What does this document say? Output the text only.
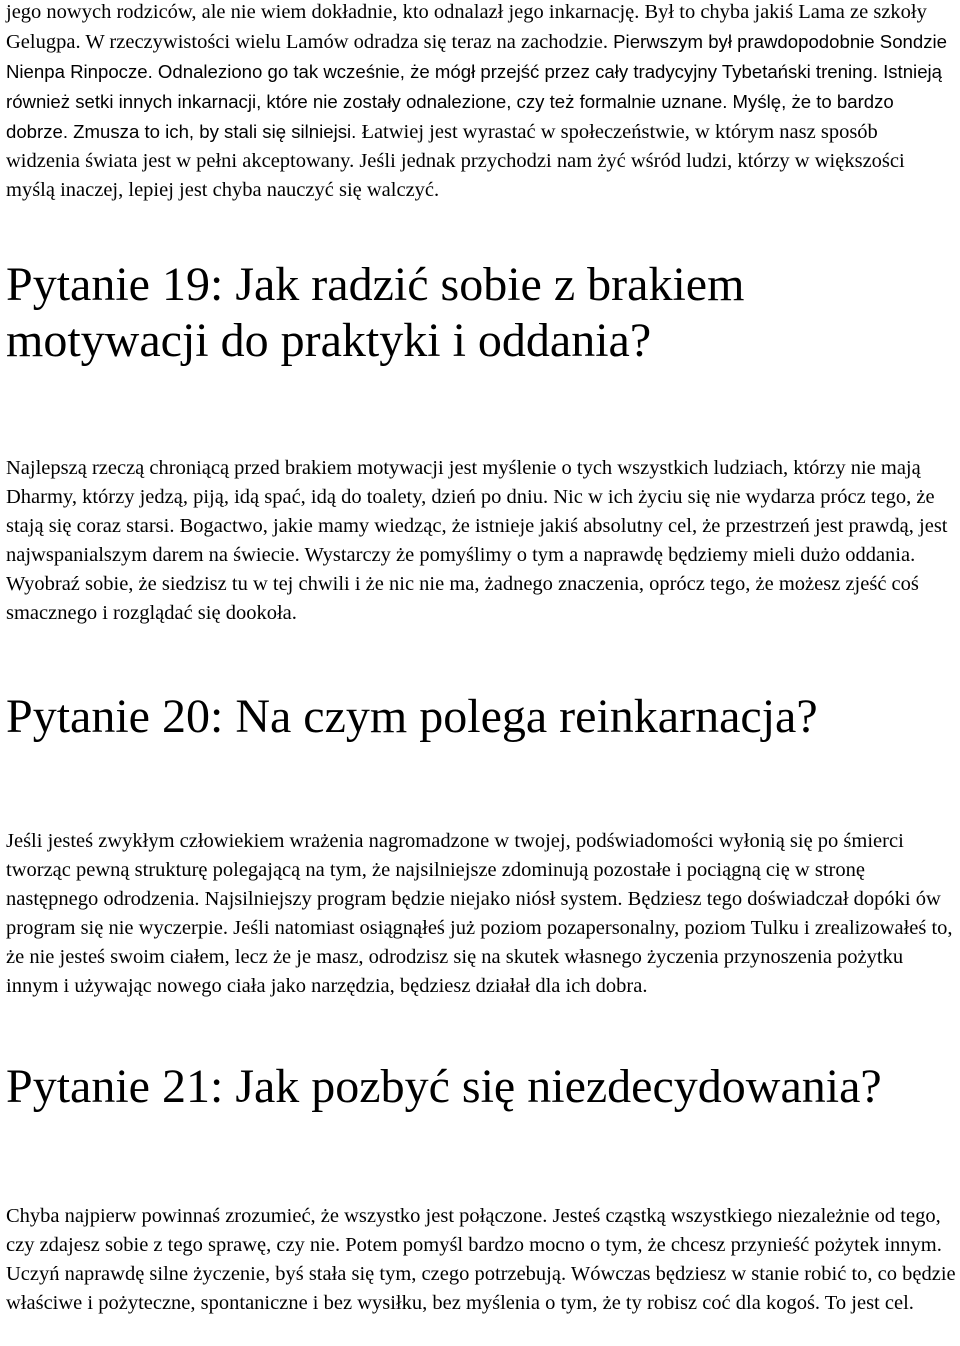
jego nowych rodziców, ale nie wiem dokładnie, kto odnalazł jego inkarnację. Był to chyba jakiś Lama ze szkoły Gelugpa. W rzeczywistości wielu Lamów odradza się teraz na zachodzie. Pierwszym był prawdopodobnie Sondzie Nienpa Rinpocze. Odnaleziono go tak wcześnie, że mógł przejść przez cały tradycyjny Tybetański trening. Istnieją również setki innych inkarnacji, które nie zostały odnalezione, czy też formalnie uznane. Myślę, że to bardzo dobrze. Zmusza to ich, by stali się silniejsi. Łatwiej jest wyrastać w społeczeństwie, w którym nasz sposób widzenia świata jest w pełni akceptowany. Jeśli jednak przychodzi nam żyć wśród ludzi, którzy w większości myślą inaczej, lepiej jest chyba nauczyć się walczyć.

Pytanie 19: Jak radzić sobie z brakiem motywacji do praktyki i oddania?

Najlepszą rzeczą chroniącą przed brakiem motywacji jest myślenie o tych wszystkich ludziach, którzy nie mają Dharmy, którzy jedzą, piją, idą spać, idą do toalety, dzień po dniu. Nic w ich życiu się nie wydarza prócz tego, że stają się coraz starsi. Bogactwo, jakie mamy wiedząc, że istnieje jakiś absolutny cel, że przestrzeń jest prawdą, jest najwspanialszym darem na świecie. Wystarczy że pomyślimy o tym a naprawdę będziemy mieli dużo oddania. Wyobraź sobie, że siedzisz tu w tej chwili i że nic nie ma, żadnego znaczenia, oprócz tego, że możesz zjeść coś smacznego i rozglądać się dookoła.

Pytanie 20: Na czym polega reinkarnacja?

Jeśli jesteś zwykłym człowiekiem wrażenia nagromadzone w twojej, podświadomości wyłonią się po śmierci tworząc pewną strukturę polegającą na tym, że najsilniejsze zdominują pozostałe i pociągną cię w stronę następnego odrodzenia. Najsilniejszy program będzie niejako niósł system. Będziesz tego doświadczał dopóki ów program się nie wyczerpie. Jeśli natomiast osiągnąłeś już poziom pozapersonalny, poziom Tulku i zrealizowałeś to, że nie jesteś swoim ciałem, lecz że je masz, odrodzisz się na skutek własnego życzenia przynoszenia pożytku innym i używając nowego ciała jako narzędzia, będziesz działał dla ich dobra.

Pytanie 21: Jak pozbyć się niezdecydowania?

Chyba najpierw powinnaś zrozumieć, że wszystko jest połączone. Jesteś cząstką wszystkiego niezależnie od tego, czy zdajesz sobie z tego sprawę, czy nie. Potem pomyśl bardzo mocno o tym, że chcesz przynieść pożytek innym. Uczyń naprawdę silne życzenie, byś stała się tym, czego potrzebują. Wówczas będziesz w stanie robić to, co będzie właściwe i pożyteczne, spontaniczne i bez wysiłku, bez myślenia o tym, że ty robisz coć dla kogoś. To jest cel.
